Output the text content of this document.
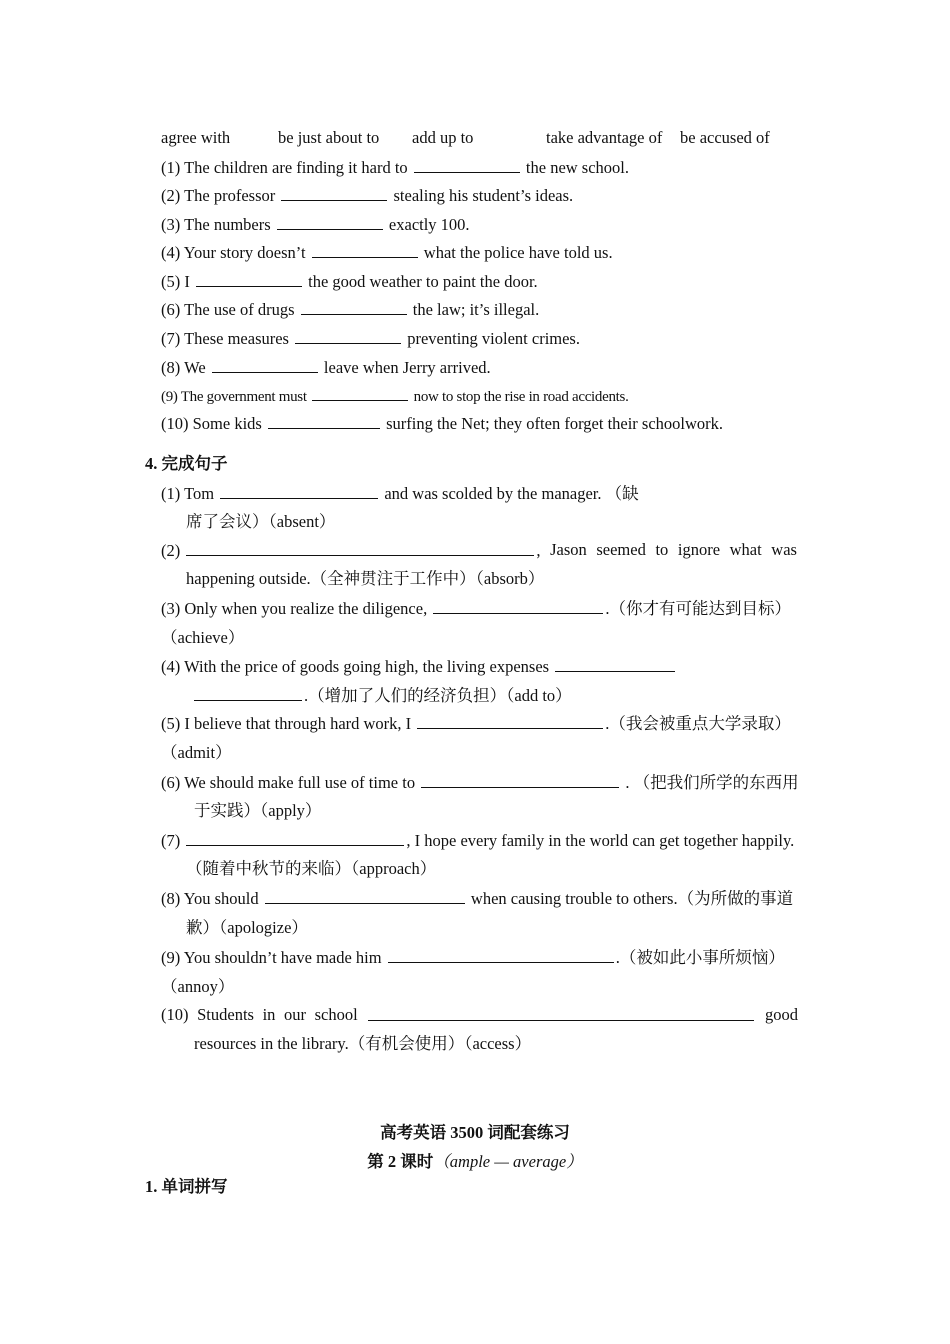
agree with	be just about to add up to	take advantage of be accused of
(1) The children are finding it hard to	the new school.
(2) The professor	stealing his student’s ideas.
(3) The numbers	exactly 100.
(4) Your story doesn’t	what the police have told us.
(5) I	the good weather to paint the door.
(6) The use of drugs	the law; it’s illegal.
(7) These measures	preventing violent crimes.
(8) We	leave when Jerry arrived.
(9) The government must	now to stop the rise in road accidents.
(10) Some kids	surfing the Net; they often forget their schoolwork.
4. 完成句子
(1) Tom	and was scolded by the manager. （缺
席了会议）（absent）
(2)	, Jason seemed to ignore what was
happening outside.（全神贯注于工作中）（absorb）
(3) Only when you realize the diligence,	.（你才有可能达到目标）
（achieve）
(4) With the price of goods going high, the living expenses
.（增加了人们的经济负担）（add to）
(5) I believe that through hard work, I	.（我会被重点大学录取）
（admit）
(6) We should make full use of time to	. （把我们所学的东西用
于实践）（apply）
(7)	, I hope every family in the world can get together happily.
（随着中秋节的来临）（approach）
(8) You should	when causing trouble to others.（为所做的事道
歉）（apologize）
(9) You shouldn’t have made him	.（被如此小事所烦恼）
（annoy）
(10) Students in our school	good
resources in the library.（有机会使用）（access）
高考英语 3500 词配套练习
第 2 课时（ample — average）
1. 单词拼写
